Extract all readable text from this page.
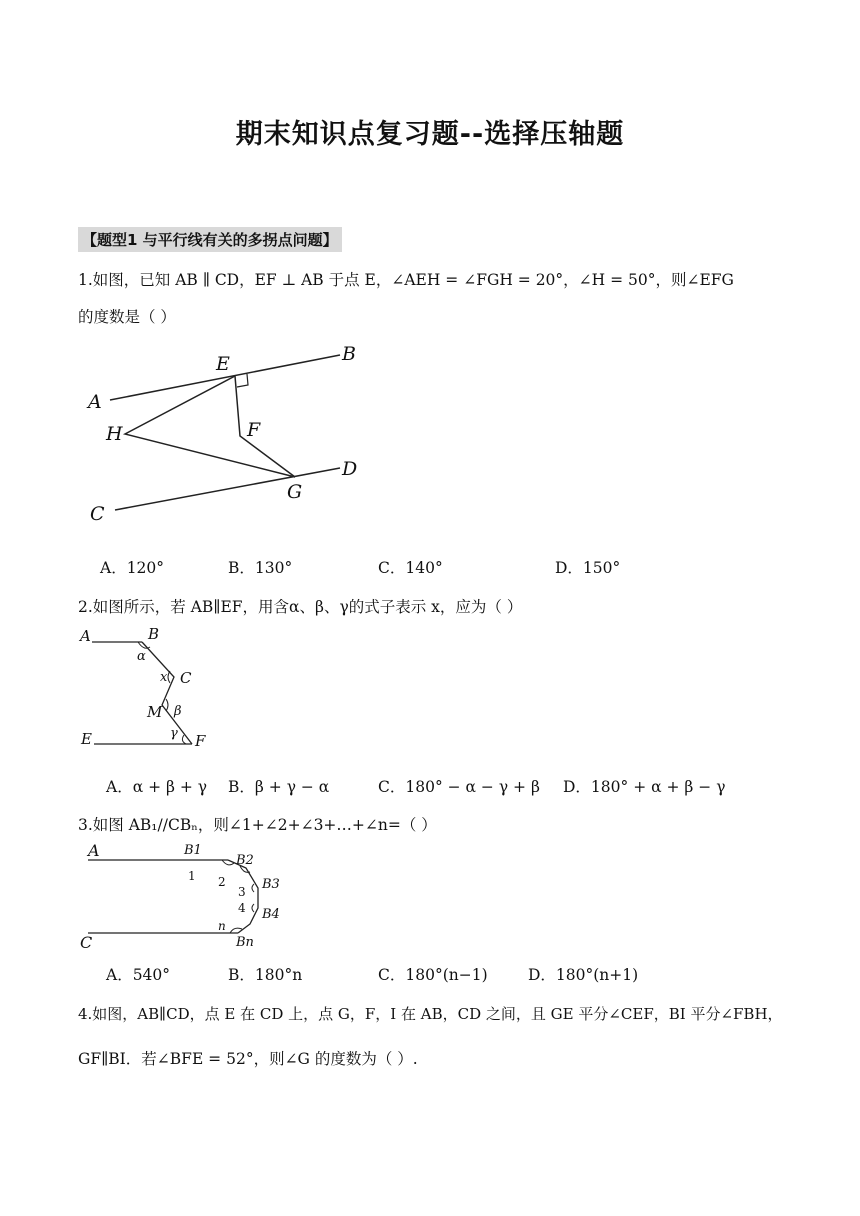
期末知识点复习题--选择压轴题
【题型1 与平行线有关的多拐点问题】
1.如图，已知 AB ∥ CD，EF ⊥ AB 于点 E，∠AEH = ∠FGH = 20°，∠H = 50°，则∠EFG
的度数是（ ）
A
B
C
D
E
F
G
H
A．120°	B．130°	C．140°	D．150°
2.如图所示，若 AB∥EF，用含α、β、γ的式子表示 x，应为（ ）
A	B
C
E	F
M
α
β
γ
x
A．α + β + γ B．β + γ − α	C．180° − α − γ + β D．180° + α + β − γ
3.如图 AB₁//CBₙ，则∠1+∠2+∠3+…+∠n=（ ）
A
C
B1
B2
B3
B4
Bn
1 2
3
4
n
A．540°	B．180°n	C．180°(n−1)	D．180°(n+1)
4.如图，AB∥CD，点 E 在 CD 上，点 G，F，I 在 AB，CD 之间，且 GE 平分∠CEF，BI 平分∠FBH，
GF∥BI．若∠BFE = 52°，则∠G 的度数为（ ）.
